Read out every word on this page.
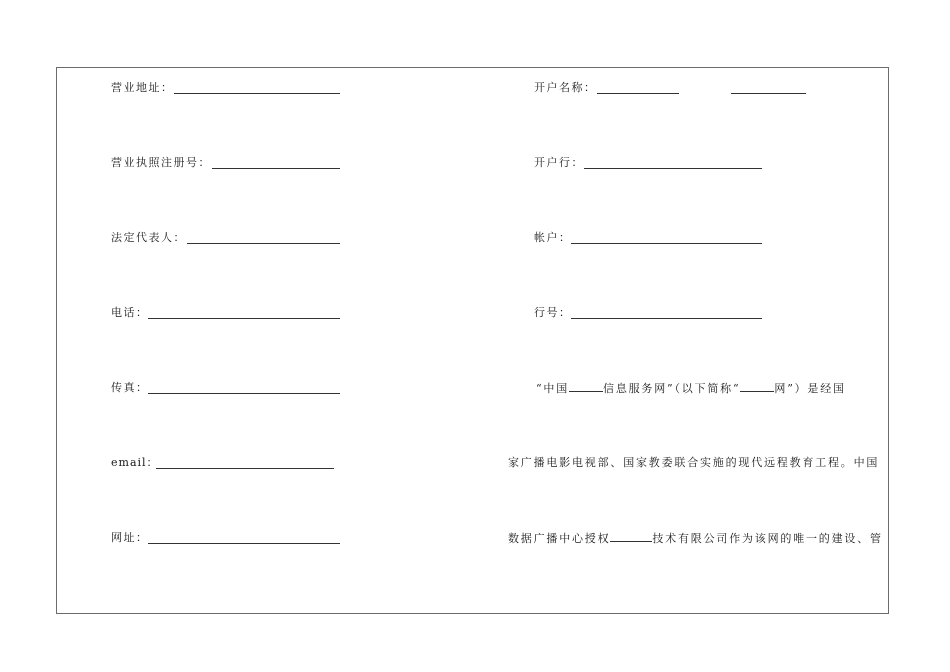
营业地址：
营业执照注册号：
法定代表人：
电话：
传真：
email：
网址：
开户名称：
开户行：
帐户：
行号：
“中国	信息服务网”（以下简称“	网”）是经国
家广播电影电视部、国家教委联合实施的现代远程教育工程。中国
数据广播中心授权	技术有限公司作为该网的唯一的建设、管
